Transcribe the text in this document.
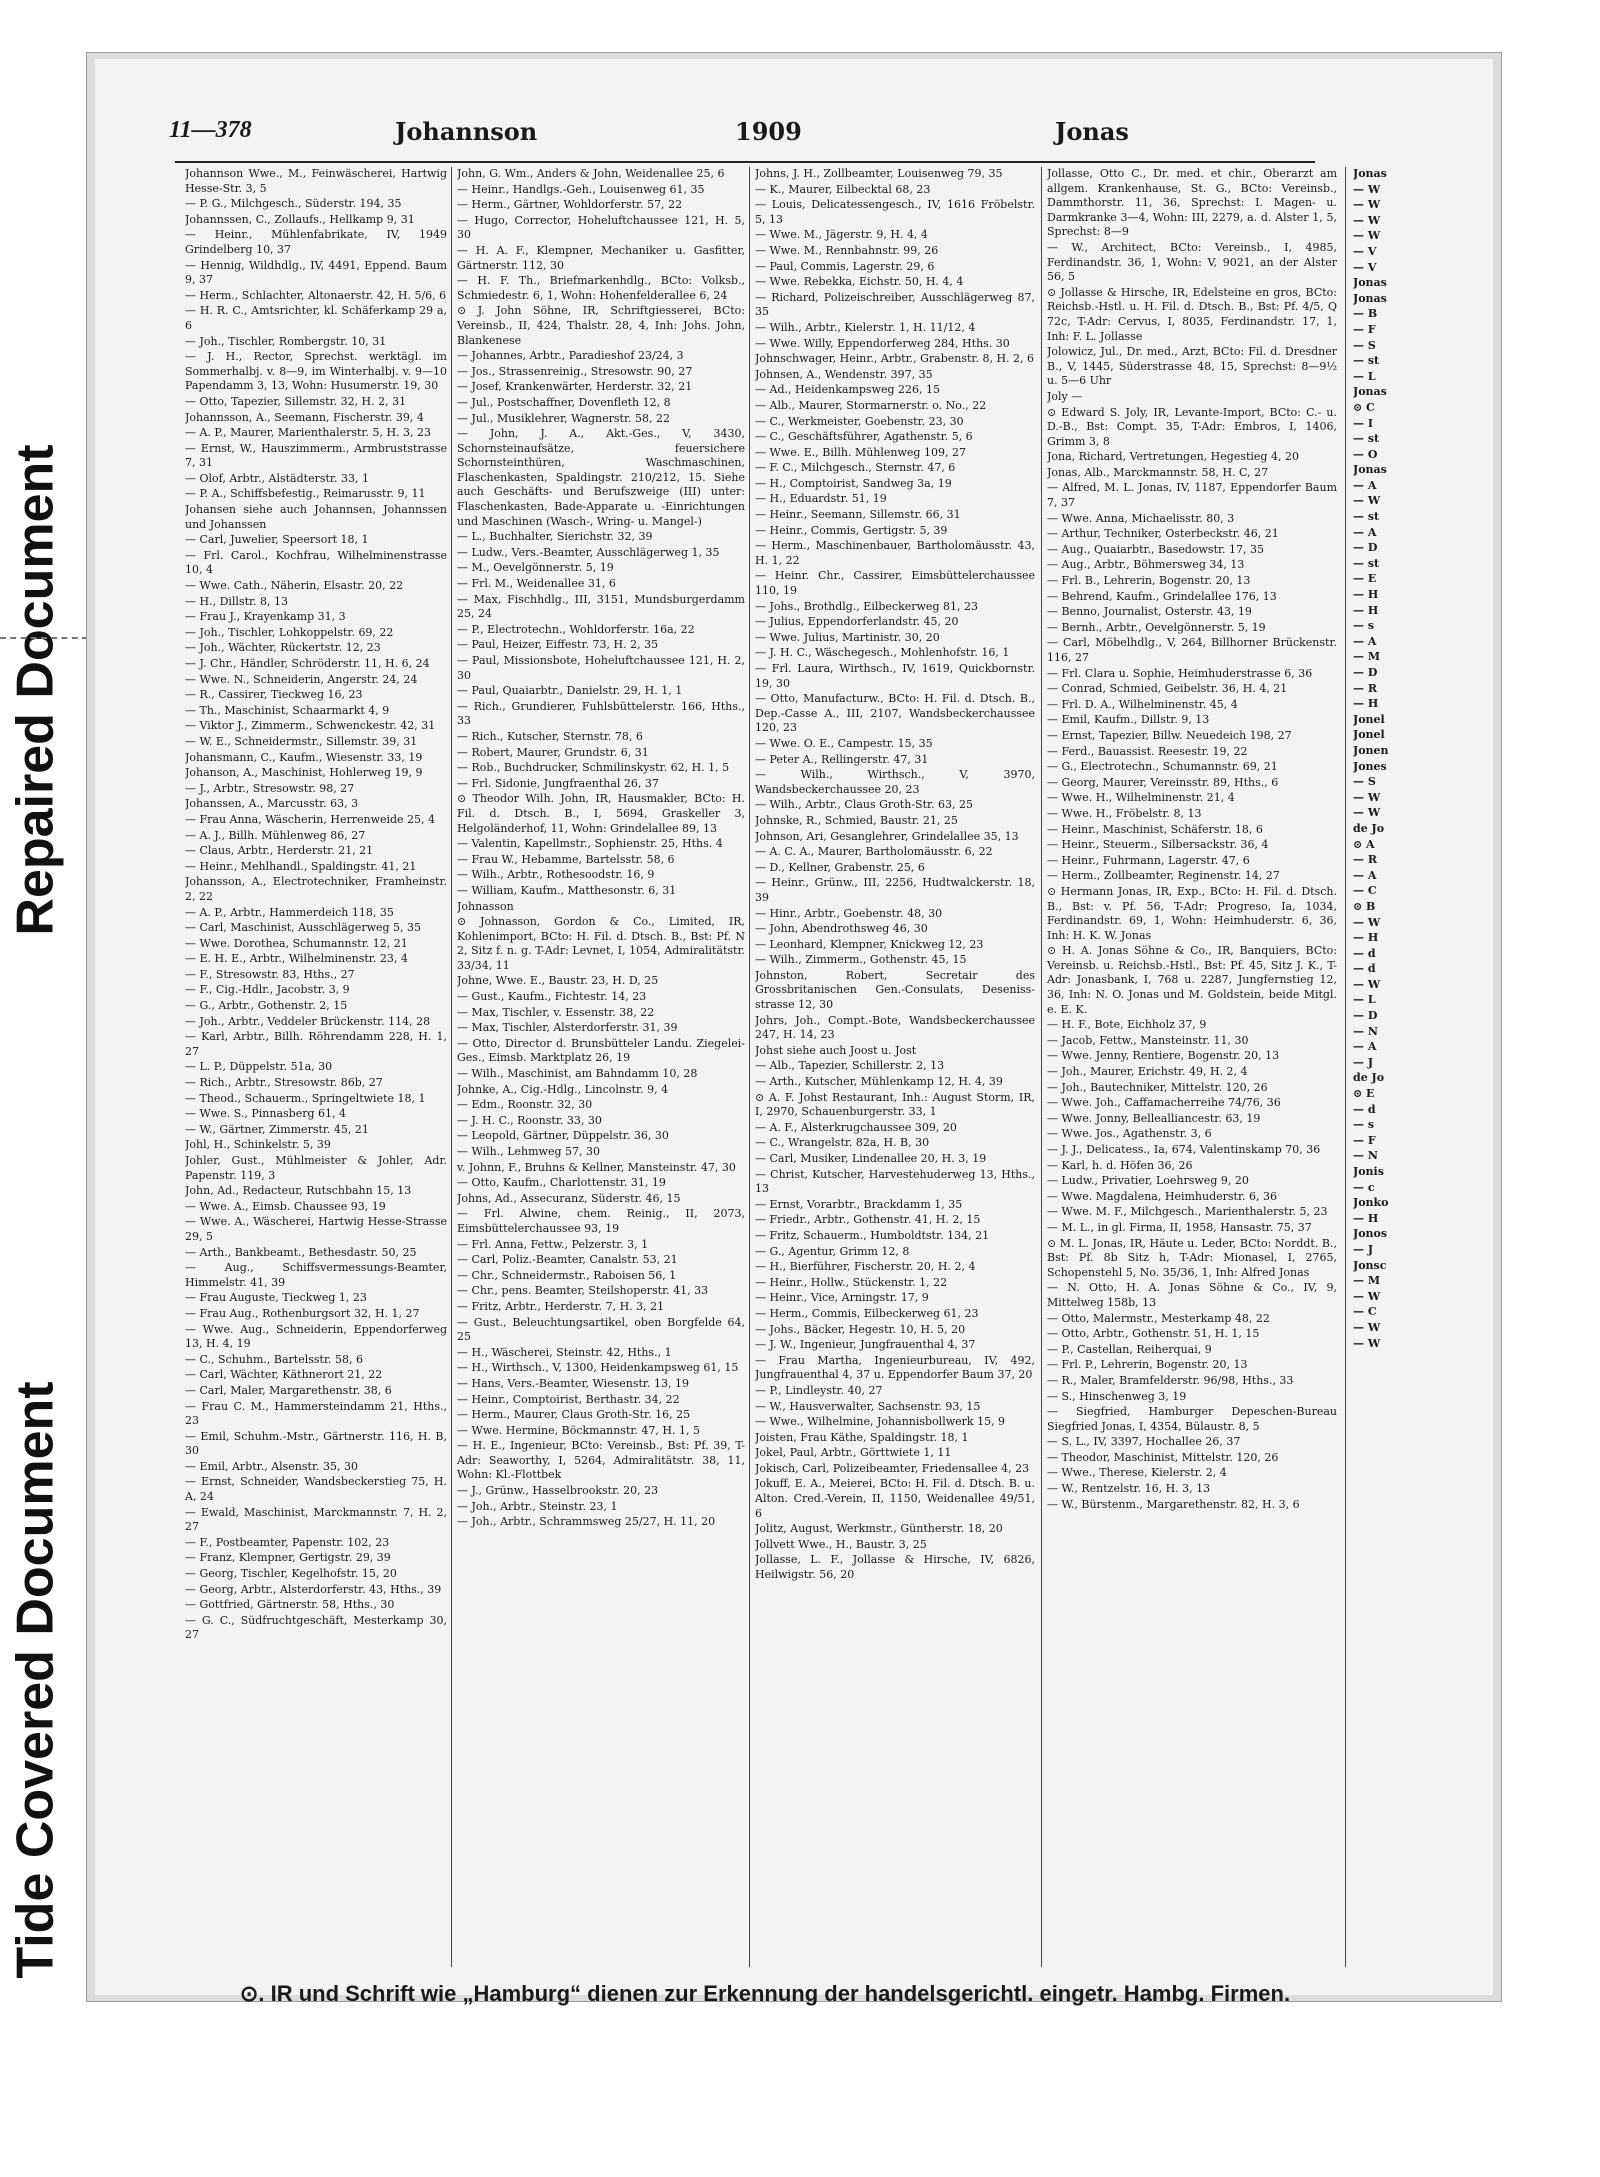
Repaired Document
Tide Covered Document
11—378	Johannson	1909	Jonas
Johannson Wwe., M., Feinwäscherei, Hartwig Hesse-Str. 3, 5
— P. G., Milchgesch., Süderstr. 194, 35
Johannssen, C., Zollaufs., Hellkamp 9, 31
— Heinr., Mühlenfabrikate, IV, 1949 Grindelberg 10, 37
— Hennig, Wildhdlg., IV, 4491, Eppend. Baum 9, 37
— Herm., Schlachter, Altonaerstr. 42, H. 5/6, 6
— H. R. C., Amtsrichter, kl. Schäferkamp 29 a, 6
— Joh., Tischler, Rombergstr. 10, 31
— J. H., Rector, Sprechst. werktägl. im Sommerhalbj. v. 8—9, im Winterhalbj. v. 9—10 Papendamm 3, 13, Wohn: Husumerstr. 19, 30
— Otto, Tapezier, Sillemstr. 32, H. 2, 31
Johannsson, A., Seemann, Fischerstr. 39, 4
— A. P., Maurer, Marienthalerstr. 5, H. 3, 23
— Ernst, W., Hauszimmerm., Armbruststrasse 7, 31
— Olof, Arbtr., Alstädterstr. 33, 1
— P. A., Schiffsbefestig., Reimarusstr. 9, 11
Johansen siehe auch Johannsen, Johannssen und Johanssen
— Carl, Juwelier, Speersort 18, 1
— Frl. Carol., Kochfrau, Wilhelminenstrasse 10, 4
— Wwe. Cath., Näherin, Elsastr. 20, 22
— H., Dillstr. 8, 13
— Frau J., Krayenkamp 31, 3
— Joh., Tischler, Lohkoppelstr. 69, 22
— Joh., Wächter, Rückertstr. 12, 23
— J. Chr., Händler, Schröderstr. 11, H. 6, 24
— Wwe. N., Schneiderin, Angerstr. 24, 24
— R., Cassirer, Tieckweg 16, 23
— Th., Maschinist, Schaarmarkt 4, 9
— Viktor J., Zimmerm., Schwenckestr. 42, 31
— W. E., Schneidermstr., Sillemstr. 39, 31
Johansmann, C., Kaufm., Wiesenstr. 33, 19
Johanson, A., Maschinist, Hohlerweg 19, 9
— J., Arbtr., Stresowstr. 98, 27
Johanssen, A., Marcusstr. 63, 3
— Frau Anna, Wäscherin, Herrenweide 25, 4
— A. J., Billh. Mühlenweg 86, 27
— Claus, Arbtr., Herderstr. 21, 21
— Heinr., Mehlhandl., Spaldingstr. 41, 21
Johansson, A., Electrotechniker, Framheinstr. 2, 22
— A. P., Arbtr., Hammerdeich 118, 35
— Carl, Maschinist, Ausschlägerweg 5, 35
— Wwe. Dorothea, Schumannstr. 12, 21
— E. H. E., Arbtr., Wilhelminenstr. 23, 4
— F., Stresowstr. 83, Hths., 27
— F., Cig.-Hdlr., Jacobstr. 3, 9
— G., Arbtr., Gothenstr. 2, 15
— Joh., Arbtr., Veddeler Brückenstr. 114, 28
— Karl, Arbtr., Billh. Röhrendamm 228, H. 1, 27
— L. P., Düppelstr. 51a, 30
— Rich., Arbtr., Stresowstr. 86b, 27
— Theod., Schauerm., Springeltwiete 18, 1
— Wwe. S., Pinnasberg 61, 4
— W., Gärtner, Zimmerstr. 45, 21
Johl, H., Schinkelstr. 5, 39
Johler, Gust., Mühlmeister & Johler, Adr. Papenstr. 119, 3
John, Ad., Redacteur, Rutschbahn 15, 13
— Wwe. A., Eimsb. Chaussee 93, 19
— Wwe. A., Wäscherei, Hartwig Hesse-Strasse 29, 5
— Arth., Bankbeamt., Bethesdastr. 50, 25
— Aug., Schiffsvermessungs-Beamter, Himmelstr. 41, 39
— Frau Auguste, Tieckweg 1, 23
— Frau Aug., Rothenburgsort 32, H. 1, 27
— Wwe. Aug., Schneiderin, Eppendorferweg 13, H. 4, 19
— C., Schuhm., Bartelsstr. 58, 6
— Carl, Wächter, Käthnerort 21, 22
— Carl, Maler, Margarethenstr. 38, 6
— Frau C. M., Hammersteindamm 21, Hths., 23
— Emil, Schuhm.-Mstr., Gärtnerstr. 116, H. B, 30
— Emil, Arbtr., Alsenstr. 35, 30
— Ernst, Schneider, Wandsbeckerstieg 75, H. A, 24
— Ewald, Maschinist, Marckmannstr. 7, H. 2, 27
— F., Postbeamter, Papenstr. 102, 23
— Franz, Klempner, Gertigstr. 29, 39
— Georg, Tischler, Kegelhofstr. 15, 20
— Georg, Arbtr., Alsterdorferstr. 43, Hths., 39
— Gottfried, Gärtnerstr. 58, Hths., 30
— G. C., Südfruchtgeschäft, Mesterkamp 30, 27
John, G. Wm., Anders & John, Weidenallee 25, 6
— Heinr., Handlgs.-Geh., Louisenweg 61, 35
— Herm., Gärtner, Wohldorferstr. 57, 22
— Hugo, Corrector, Hoheluftchaussee 121, H. 5, 30
— H. A. F., Klempner, Mechaniker u. Gasfitter, Gärtnerstr. 112, 30
— H. F. Th., Briefmarkenhdlg., BCto: Volksb., Schmiedestr. 6, 1, Wohn: Hohenfelderallee 6, 24
⊙ J. John Söhne, IR, Schriftgiesserei, BCto: Vereinsb., II, 424, Thalstr. 28, 4, Inh: Johs. John, Blankenese
— Johannes, Arbtr., Paradieshof 23/24, 3
— Jos., Strassenreinig., Stresowstr. 90, 27
— Josef, Krankenwärter, Herderstr. 32, 21
— Jul., Postschaffner, Dovenfleth 12, 8
— Jul., Musiklehrer, Wagnerstr. 58, 22
— John, J. A., Akt.-Ges., V, 3430, Schornsteinaufsätze, feuersichere Schornsteinthüren, Waschmaschinen, Flaschenkasten, Spaldingstr. 210/212, 15. Siehe auch Geschäfts- und Berufszweige (III) unter: Flaschenkasten, Bade-Apparate u. -Einrichtungen und Maschinen (Wasch-, Wring- u. Mangel-)
— L., Buchhalter, Sierichstr. 32, 39
— Ludw., Vers.-Beamter, Ausschlägerweg 1, 35
— M., Oevelgönnerstr. 5, 19
— Frl. M., Weidenallee 31, 6
— Max, Fischhdlg., III, 3151, Mundsburgerdamm 25, 24
— P., Electrotechn., Wohldorferstr. 16a, 22
— Paul, Heizer, Eiffestr. 73, H. 2, 35
— Paul, Missionsbote, Hoheluftchaussee 121, H. 2, 30
— Paul, Quaiarbtr., Danielstr. 29, H. 1, 1
— Rich., Grundierer, Fuhlsbüttelerstr. 166, Hths., 33
— Rich., Kutscher, Sternstr. 78, 6
— Robert, Maurer, Grundstr. 6, 31
— Rob., Buchdrucker, Schmilinskystr. 62, H. 1, 5
— Frl. Sidonie, Jungfraenthal 26, 37
⊙ Theodor Wilh. John, IR, Hausmakler, BCto: H. Fil. d. Dtsch. B., I, 5694, Graskeller 3, Helgoländerhof, 11, Wohn: Grindelallee 89, 13
— Valentin, Kapellmstr., Sophienstr. 25, Hths. 4
— Frau W., Hebamme, Bartelsstr. 58, 6
— Wilh., Arbtr., Rothesoodstr. 16, 9
— William, Kaufm., Matthesonstr. 6, 31
Johnasson
⊙ Johnasson, Gordon & Co., Limited, IR, Kohlenimport, BCto: H. Fil. d. Dtsch. B., Bst: Pf. N 2, Sitz f. n. g. T-Adr: Levnet, I, 1054, Admiralitätstr. 33/34, 11
Johne, Wwe. E., Baustr. 23, H. D, 25
— Gust., Kaufm., Fichtestr. 14, 23
— Max, Tischler, v. Essenstr. 38, 22
— Max, Tischler, Alsterdorferstr. 31, 39
— Otto, Director d. Brunsbütteler Landu. Ziegelei-Ges., Eimsb. Marktplatz 26, 19
— Wilh., Maschinist, am Bahndamm 10, 28
Johnke, A., Cig.-Hdlg., Lincolnstr. 9, 4
— Edm., Roonstr. 32, 30
— J. H. C., Roonstr. 33, 30
— Leopold, Gärtner, Düppelstr. 36, 30
— Wilh., Lehmweg 57, 30
v. Johnn, F., Bruhns & Kellner, Mansteinstr. 47, 30
— Otto, Kaufm., Charlottenstr. 31, 19
Johns, Ad., Assecuranz, Süderstr. 46, 15
— Frl. Alwine, chem. Reinig., II, 2073, Eimsbüttelerchaussee 93, 19
— Frl. Anna, Fettw., Pelzerstr. 3, 1
— Carl, Poliz.-Beamter, Canalstr. 53, 21
— Chr., Schneidermstr., Raboisen 56, 1
— Chr., pens. Beamter, Steilshoperstr. 41, 33
— Fritz, Arbtr., Herderstr. 7, H. 3, 21
— Gust., Beleuchtungsartikel, oben Borgfelde 64, 25
— H., Wäscherei, Steinstr. 42, Hths., 1
— H., Wirthsch., V, 1300, Heidenkampsweg 61, 15
— Hans, Vers.-Beamter, Wiesenstr. 13, 19
— Heinr., Comptoirist, Berthastr. 34, 22
— Herm., Maurer, Claus Groth-Str. 16, 25
— Wwe. Hermine, Böckmannstr. 47, H. 1, 5
— H. E., Ingenieur, BCto: Vereinsb., Bst: Pf. 39, T-Adr: Seaworthy, I, 5264, Admiralitätstr. 38, 11, Wohn: Kl.-Flottbek
— J., Grünw., Hasselbrookstr. 20, 23
— Joh., Arbtr., Steinstr. 23, 1
— Joh., Arbtr., Schrammsweg 25/27, H. 11, 20
Johns, J. H., Zollbeamter, Louisenweg 79, 35
— K., Maurer, Eilbecktal 68, 23
— Louis, Delicatessengesch., IV, 1616 Fröbelstr. 5, 13
— Wwe. M., Jägerstr. 9, H. 4, 4
— Wwe. M., Rennbahnstr. 99, 26
— Paul, Commis, Lagerstr. 29, 6
— Wwe. Rebekka, Eichstr. 50, H. 4, 4
— Richard, Polizeischreiber, Ausschlägerweg 87, 35
— Wilh., Arbtr., Kielerstr. 1, H. 11/12, 4
— Wwe. Willy, Eppendorferweg 284, Hths. 30
Johnschwager, Heinr., Arbtr., Grabenstr. 8, H. 2, 6
Johnsen, A., Wendenstr. 397, 35
— Ad., Heidenkampsweg 226, 15
— Alb., Maurer, Stormarnerstr. o. No., 22
— C., Werkmeister, Goebenstr. 23, 30
— C., Geschäftsführer, Agathenstr. 5, 6
— Wwe. E., Billh. Mühlenweg 109, 27
— F. C., Milchgesch., Sternstr. 47, 6
— H., Comptoirist, Sandweg 3a, 19
— H., Eduardstr. 51, 19
— Heinr., Seemann, Sillemstr. 66, 31
— Heinr., Commis, Gertigstr. 5, 39
— Herm., Maschinenbauer, Bartholomäusstr. 43, H. 1, 22
— Heinr. Chr., Cassirer, Eimsbüttelerchaussee 110, 19
— Johs., Brothdlg., Eilbeckerweg 81, 23
— Julius, Eppendorferlandstr. 45, 20
— Wwe. Julius, Martinistr. 30, 20
— J. H. C., Wäschegesch., Mohlenhofstr. 16, 1
— Frl. Laura, Wirthsch., IV, 1619, Quickbornstr. 19, 30
— Otto, Manufacturw., BCto: H. Fil. d. Dtsch. B., Dep.-Casse A., III, 2107, Wandsbeckerchaussee 120, 23
— Wwe. O. E., Campestr. 15, 35
— Peter A., Rellingerstr. 47, 31
— Wilh., Wirthsch., V, 3970, Wandsbeckerchaussee 20, 23
— Wilh., Arbtr., Claus Groth-Str. 63, 25
Johnske, R., Schmied, Baustr. 21, 25
Johnson, Ari, Gesanglehrer, Grindelallee 35, 13
— A. C. A., Maurer, Bartholomäusstr. 6, 22
— D., Kellner, Grabenstr. 25, 6
— Heinr., Grünw., III, 2256, Hudtwalckerstr. 18, 39
— Hinr., Arbtr., Goebenstr. 48, 30
— John, Abendrothsweg 46, 30
— Leonhard, Klempner, Knickweg 12, 23
— Wilh., Zimmerm., Gothenstr. 45, 15
Johnston, Robert, Secretair des Grossbritanischen Gen.-Consulats, Deseniss-strasse 12, 30
Johrs, Joh., Compt.-Bote, Wandsbeckerchaussee 247, H. 14, 23
Johst siehe auch Joost u. Jost
— Alb., Tapezier, Schillerstr. 2, 13
— Arth., Kutscher, Mühlenkamp 12, H. 4, 39
⊙ A. F. Johst Restaurant, Inh.: August Storm, IR, I, 2970, Schauenburgerstr. 33, 1
— A. F., Alsterkrugchaussee 309, 20
— C., Wrangelstr. 82a, H. B, 30
— Carl, Musiker, Lindenallee 20, H. 3, 19
— Christ, Kutscher, Harvestehuderweg 13, Hths., 13
— Ernst, Vorarbtr., Brackdamm 1, 35
— Friedr., Arbtr., Gothenstr. 41, H. 2, 15
— Fritz, Schauerm., Humboldtstr. 134, 21
— G., Agentur, Grimm 12, 8
— H., Bierführer, Fischerstr. 20, H. 2, 4
— Heinr., Hollw., Stückenstr. 1, 22
— Heinr., Vice, Arningstr. 17, 9
— Herm., Commis, Eilbeckerweg 61, 23
— Johs., Bäcker, Hegestr. 10, H. 5, 20
— J. W., Ingenieur, Jungfrauenthal 4, 37
— Frau Martha, Ingenieurbureau, IV, 492, Jungfrauenthal 4, 37 u. Eppendorfer Baum 37, 20
— P., Lindleystr. 40, 27
— W., Hausverwalter, Sachsenstr. 93, 15
— Wwe., Wilhelmine, Johannisbollwerk 15, 9
Joisten, Frau Käthe, Spaldingstr. 18, 1
Jokel, Paul, Arbtr., Görttwiete 1, 11
Jokisch, Carl, Polizeibeamter, Friedensallee 4, 23
Jokuff, E. A., Meierei, BCto: H. Fil. d. Dtsch. B. u. Alton. Cred.-Verein, II, 1150, Weidenallee 49/51, 6
Jolitz, August, Werkmstr., Güntherstr. 18, 20
Jollvett Wwe., H., Baustr. 3, 25
Jollasse, L. F., Jollasse & Hirsche, IV, 6826, Heilwigstr. 56, 20
Jollasse, Otto C., Dr. med. et chir., Oberarzt am allgem. Krankenhause, St. G., BCto: Vereinsb., Dammthorstr. 11, 36, Sprechst: I. Magen- u. Darmkranke 3—4, Wohn: III, 2279, a. d. Alster 1, 5, Sprechst: 8—9
— W., Architect, BCto: Vereinsb., I, 4985, Ferdinandstr. 36, 1, Wohn: V, 9021, an der Alster 56, 5
⊙ Jollasse & Hirsche, IR, Edelsteine en gros, BCto: Reichsb.-Hstl. u. H. Fil. d. Dtsch. B., Bst: Pf. 4/5, Q 72c, T-Adr: Cervus, I, 8035, Ferdinandstr. 17, 1, Inh: F. L. Jollasse
Jolowicz, Jul., Dr. med., Arzt, BCto: Fil. d. Dresdner B., V, 1445, Süderstrasse 48, 15, Sprechst: 8—9½ u. 5—6 Uhr
Joly —
⊙ Edward S. Joly, IR, Levante-Import, BCto: C.- u. D.-B., Bst: Compt. 35, T-Adr: Embros, I, 1406, Grimm 3, 8
Jona, Richard, Vertretungen, Hegestieg 4, 20
Jonas, Alb., Marckmannstr. 58, H. C, 27
— Alfred, M. L. Jonas, IV, 1187, Eppendorfer Baum 7, 37
— Wwe. Anna, Michaelisstr. 80, 3
— Arthur, Techniker, Osterbeckstr. 46, 21
— Aug., Quaiarbtr., Basedowstr. 17, 35
— Aug., Arbtr., Böhmersweg 34, 13
— Frl. B., Lehrerin, Bogenstr. 20, 13
— Behrend, Kaufm., Grindelallee 176, 13
— Benno, Journalist, Osterstr. 43, 19
— Bernh., Arbtr., Oevelgönnerstr. 5, 19
— Carl, Möbelhdlg., V, 264, Billhorner Brückenstr. 116, 27
— Frl. Clara u. Sophie, Heimhuderstrasse 6, 36
— Conrad, Schmied, Geibelstr. 36, H. 4, 21
— Frl. D. A., Wilhelminenstr. 45, 4
— Emil, Kaufm., Dillstr. 9, 13
— Ernst, Tapezier, Billw. Neuedeich 198, 27
— Ferd., Bauassist. Reesestr. 19, 22
— G., Electrotechn., Schumannstr. 69, 21
— Georg, Maurer, Vereinsstr. 89, Hths., 6
— Wwe. H., Wilhelminenstr. 21, 4
— Wwe. H., Fröbelstr. 8, 13
— Heinr., Maschinist, Schäferstr. 18, 6
— Heinr., Steuerm., Silbersackstr. 36, 4
— Heinr., Fuhrmann, Lagerstr. 47, 6
— Herm., Zollbeamter, Reginenstr. 14, 27
⊙ Hermann Jonas, IR, Exp., BCto: H. Fil. d. Dtsch. B., Bst: v. Pf. 56, T-Adr: Progreso, Ia, 1034, Ferdinandstr. 69, 1, Wohn: Heimhuderstr. 6, 36, Inh: H. K. W. Jonas
⊙ H. A. Jonas Söhne & Co., IR, Banquiers, BCto: Vereinsb. u. Reichsb.-Hstl., Bst: Pf. 45, Sitz J. K., T-Adr: Jonasbank, I, 768 u. 2287, Jungfernstieg 12, 36, Inh: N. O. Jonas und M. Goldstein, beide Mitgl. e. E. K.
— H. F., Bote, Eichholz 37, 9
— Jacob, Fettw., Mansteinstr. 11, 30
— Wwe. Jenny, Rentiere, Bogenstr. 20, 13
— Joh., Maurer, Erichstr. 49, H. 2, 4
— Joh., Bautechniker, Mittelstr. 120, 26
— Wwe. Joh., Caffamacherreihe 74/76, 36
— Wwe. Jonny, Bellealliancestr. 63, 19
— Wwe. Jos., Agathenstr. 3, 6
— J. J., Delicatess., Ia, 674, Valentinskamp 70, 36
— Karl, h. d. Höfen 36, 26
— Ludw., Privatier, Loehrsweg 9, 20
— Wwe. Magdalena, Heimhuderstr. 6, 36
— Wwe. M. F., Milchgesch., Marienthalerstr. 5, 23
— M. L., in gl. Firma, II, 1958, Hansastr. 75, 37
⊙ M. L. Jonas, IR, Häute u. Leder, BCto: Norddt. B., Bst: Pf. 8b Sitz h, T-Adr: Mionasel, I, 2765, Schopenstehl 5, No. 35/36, 1, Inh: Alfred Jonas
— N. Otto, H. A. Jonas Söhne & Co., IV, 9, Mittelweg 158b, 13
— Otto, Malermstr., Mesterkamp 48, 22
— Otto, Arbtr., Gothenstr. 51, H. 1, 15
— P., Castellan, Reiherquai, 9
— Frl. P., Lehrerin, Bogenstr. 20, 13
— R., Maler, Bramfelderstr. 96/98, Hths., 33
— S., Hinschenweg 3, 19
— Siegfried, Hamburger Depeschen-Bureau Siegfried Jonas, I, 4354, Bülaustr. 8, 5
— S. L., IV, 3397, Hochallee 26, 37
— Theodor, Maschinist, Mittelstr. 120, 26
— Wwe., Therese, Kielerstr. 2, 4
— W., Rentzelstr. 16, H. 3, 13
— W., Bürstenm., Margarethenstr. 82, H. 3, 6
Jonas
— W
— W
— W
— W
— V
— V
Jonas
Jonas
— B
— F
— S
— st
— L
Jonas
⊙ C
— I
— st
— O
Jonas
— A
— W
— st
— A
— D
— st
— E
— H
— H
— s
— A
— M
— D
— R
— H
Jonel
Jonel
Jonen
Jones
— S
— W
— W
de Jo
⊙ A
— R
— A
— C
⊙ B
— W
— H
— d
— d
— W
— L
— D
— N
— A
— J
de Jo
⊙ E
— d
— s
— F
— N
Jonis
— c
Jonko
— H
Jonos
— J
Jonsc
— M
— W
— C
— W
— W
⊙. IR und Schrift wie „Hamburg“ dienen zur Erkennung der handelsgerichtl. eingetr. Hambg. Firmen.
